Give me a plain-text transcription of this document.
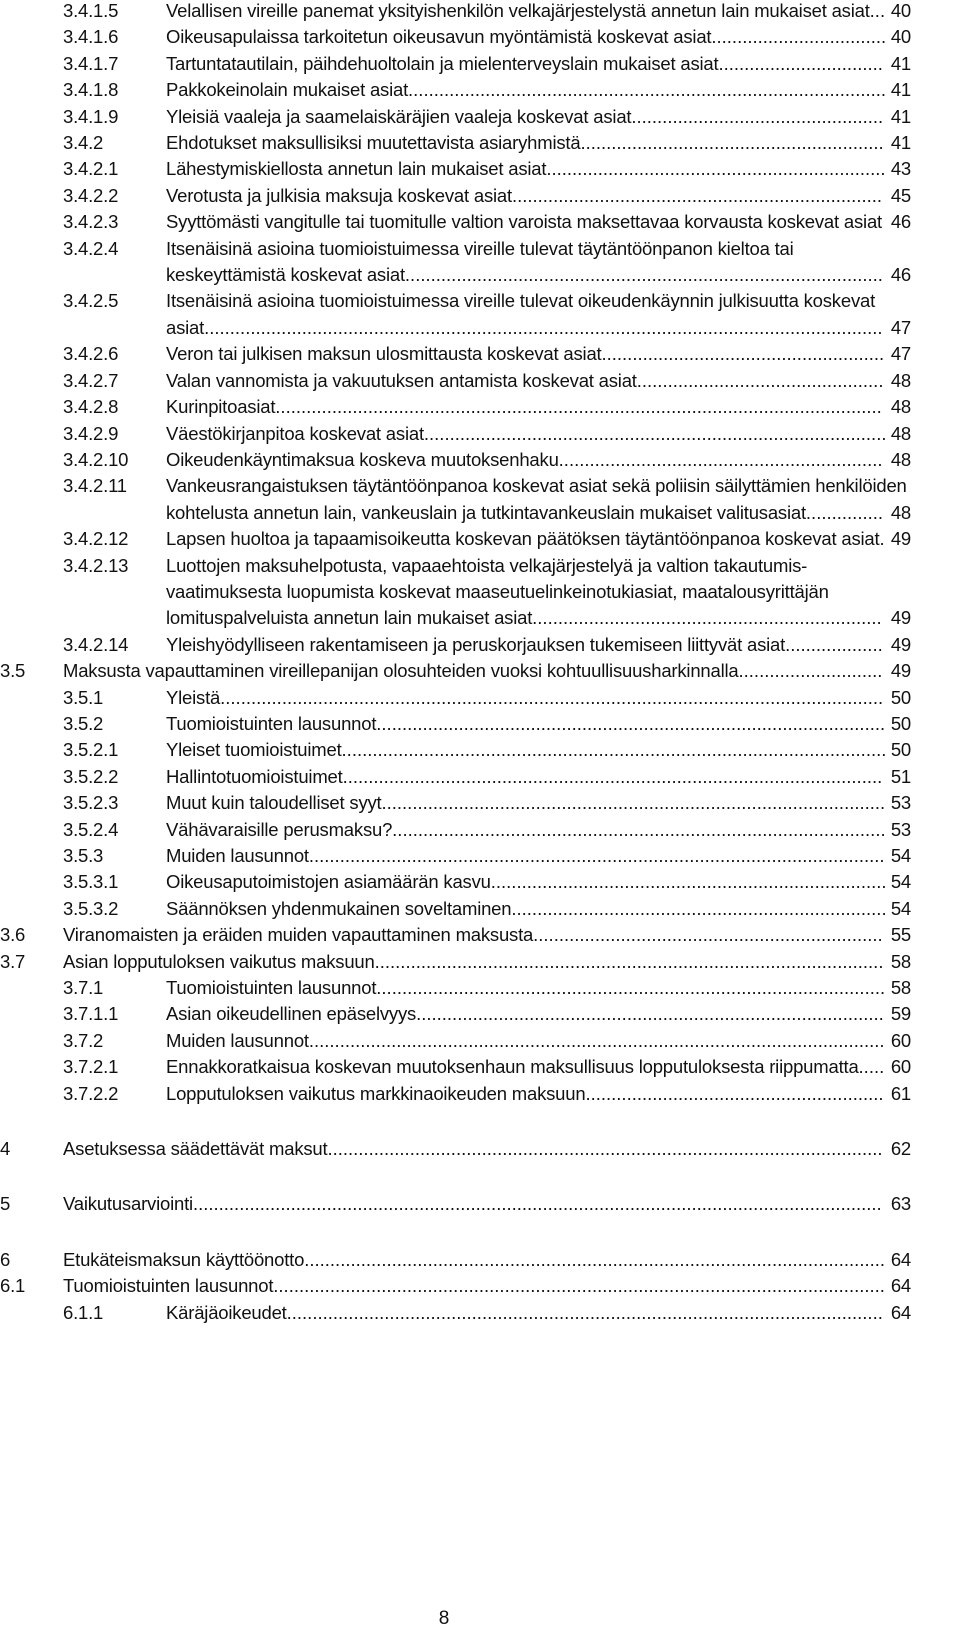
3.4.1.5	Velallisen vireille panemat yksityishenkilön velkajärjestelystä annetun lain mukaiset asiat... 40
3.4.1.6	Oikeusapulaissa tarkoitetun oikeusavun myöntämistä koskevat asiat.................................. 40
3.4.1.7	Tartuntatautilain, päihdehuoltolain ja mielenterveyslain mukaiset asiat................................ 41
3.4.1.8	Pakkokeinolain mukaiset asiat............................................................................................. 41
3.4.1.9	Yleisiä vaaleja ja saamelaiskäräjien vaaleja koskevat asiat................................................. 41
3.4.2	Ehdotukset maksullisiksi muutettavista asiaryhmistä........................................................... 41
3.4.2.1	Lähestymiskiellosta annetun lain mukaiset asiat.................................................................. 43
3.4.2.2	Verotusta ja julkisia maksuja koskevat asiat........................................................................ 45
3.4.2.3	Syyttömästi vangitulle tai tuomitulle valtion varoista maksettavaa korvausta koskevat asiat 46
3.4.2.4	Itsenäisinä asioina tuomioistuimessa vireille tulevat täytäntöönpanon kieltoa tai keskeyttämistä koskevat asiat............................................................................................. 46
3.4.2.5	Itsenäisinä asioina tuomioistuimessa vireille tulevat oikeudenkäynnin julkisuutta koskevat asiat.................................................................................................................................... 47
3.4.2.6	Veron tai julkisen maksun ulosmittausta koskevat asiat....................................................... 47
3.4.2.7	Valan vannomista ja vakuutuksen antamista koskevat asiat................................................ 48
3.4.2.8	Kurinpitoasiat...................................................................................................................... 48
3.4.2.9	Väestökirjanpitoa koskevat asiat.......................................................................................... 48
3.4.2.10 Oikeudenkäyntimaksua koskeva muutoksenhaku............................................................... 48
3.4.2.11 Vankeusrangaistuksen täytäntöönpanoa koskevat asiat sekä poliisin säilyttämien henkilöiden kohtelusta annetun lain, vankeuslain ja tutkintavankeuslain mukaiset valitusasiat............... 48
3.4.2.12 Lapsen huoltoa ja tapaamisoikeutta koskevan päätöksen täytäntöönpanoa koskevat asiat. 49
3.4.2.13 Luottojen maksuhelpotusta, vapaaehtoista velkajärjestelyä ja valtion takautumis-vaatimuksesta luopumista koskevat maaseutuelinkeinotukiasiat, maatalousyrittäjän lomituspalveluista annetun lain mukaiset asiat.................................................................... 49
3.4.2.14 Yleishyödylliseen rakentamiseen ja peruskorjauksen tukemiseen liittyvät asiat................... 49
3.5 Maksusta vapauttaminen vireillepanijan olosuhteiden vuoksi kohtuullisuusharkinnalla............................ 49
3.5.1	Yleistä................................................................................................................................. 50
3.5.2	Tuomioistuinten lausunnot................................................................................................... 50
3.5.2.1	Yleiset tuomioistuimet.......................................................................................................... 50
3.5.2.2	Hallintotuomioistuimet......................................................................................................... 51
3.5.2.3	Muut kuin taloudelliset syyt.................................................................................................. 53
3.5.2.4	Vähävaraisille perusmaksu?................................................................................................ 53
3.5.3	Muiden lausunnot................................................................................................................ 54
3.5.3.1	Oikeusaputoimistojen asiamäärän kasvu............................................................................. 54
3.5.3.2	Säännöksen yhdenmukainen soveltaminen......................................................................... 54
3.6 Viranomaisten ja eräiden muiden vapauttaminen maksusta.................................................................... 55
3.7 Asian lopputuloksen vaikutus maksuun................................................................................................... 58
3.7.1	Tuomioistuinten lausunnot................................................................................................... 58
3.7.1.1	Asian oikeudellinen epäselvyys........................................................................................... 59
3.7.2	Muiden lausunnot................................................................................................................ 60
3.7.2.1	Ennakkoratkaisua koskevan muutoksenhaun maksullisuus lopputuloksesta riippumatta..... 60
3.7.2.2	Lopputuloksen vaikutus markkinaoikeuden maksuun.......................................................... 61
4	Asetuksessa säädettävät maksut............................................................................................................ 62
5	Vaikutusarviointi...................................................................................................................................... 63
6	Etukäteismaksun käyttöönotto................................................................................................................. 64
6.1 Tuomioistuinten lausunnot....................................................................................................................... 64
6.1.1	Käräjäoikeudet.................................................................................................................... 64
8
